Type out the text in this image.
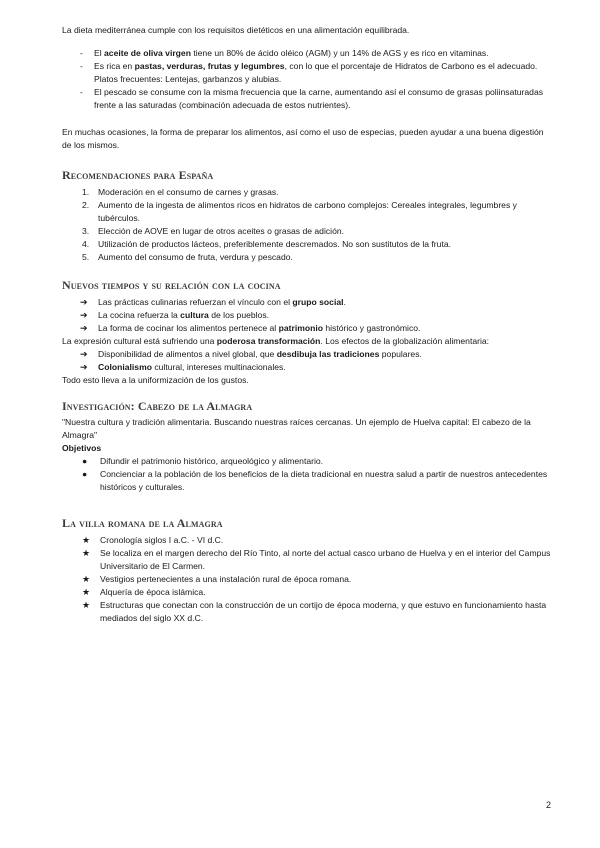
La dieta mediterránea cumple con los requisitos dietéticos en una alimentación equilibrada.

-	El aceite de oliva virgen tiene un 80% de ácido oléico (AGM) y un 14% de AGS y es rico en vitaminas.
-	Es rica en pastas, verduras, frutas y legumbres, con lo que el porcentaje de Hidratos de Carbono es el adecuado. Platos frecuentes: Lentejas, garbanzos y alubias.
-	El pescado se consume con la misma frecuencia que la carne, aumentando así el consumo de grasas poliinsaturadas frente a las saturadas (combinación adecuada de estos nutrientes).

En muchas ocasiones, la forma de preparar los alimentos, así como el uso de especias, pueden ayudar a una buena digestión de los mismos.

Recomendaciones para España
1.	Moderación en el consumo de carnes y grasas.
2.	Aumento de la ingesta de alimentos ricos en hidratos de carbono complejos: Cereales integrales, legumbres y tubérculos.
3.	Elección de AOVE en lugar de otros aceites o grasas de adición.
4.	Utilización de productos lácteos, preferiblemente descremados. No son sustitutos de la fruta.
5.	Aumento del consumo de fruta, verdura y pescado.
Nuevos tiempos y su relación con la cocina
➔	Las prácticas culinarias refuerzan el vínculo con el grupo social.
➔	La cocina refuerza la cultura de los pueblos.
➔	La forma de cocinar los alimentos pertenece al patrimonio histórico y gastronómico.

La expresión cultural está sufriendo una poderosa transformación. Los efectos de la globalización alimentaria:

➔	Disponibilidad de alimentos a nivel global, que desdibuja las tradiciones populares.
➔	Colonialismo cultural, intereses multinacionales.

Todo esto lleva a la uniformización de los gustos.

Investigación: Cabezo de la Almagra

"Nuestra cultura y tradición alimentaria. Buscando nuestras raíces cercanas. Un ejemplo de Huelva capital: El cabezo de la Almagra"

Objetivos

●	Difundir el patrimonio histórico, arqueológico y alimentario.
●	Concienciar a la población de los beneficios de la dieta tradicional en nuestra salud a partir de nuestros antecedentes históricos y culturales.
La villa romana de la Almagra
★	Cronología siglos I a.C. - VI d.C.
★	Se localiza en el margen derecho del Río Tinto, al norte del actual casco urbano de Huelva y en el interior del Campus Universitario de El Carmen.
★	Vestigios pertenecientes a una instalación rural de época romana.
★	Alquería de época islámica.
★	Estructuras que conectan con la construcción de un cortijo de época moderna, y que estuvo en funcionamiento hasta mediados del siglo XX d.C.
2
